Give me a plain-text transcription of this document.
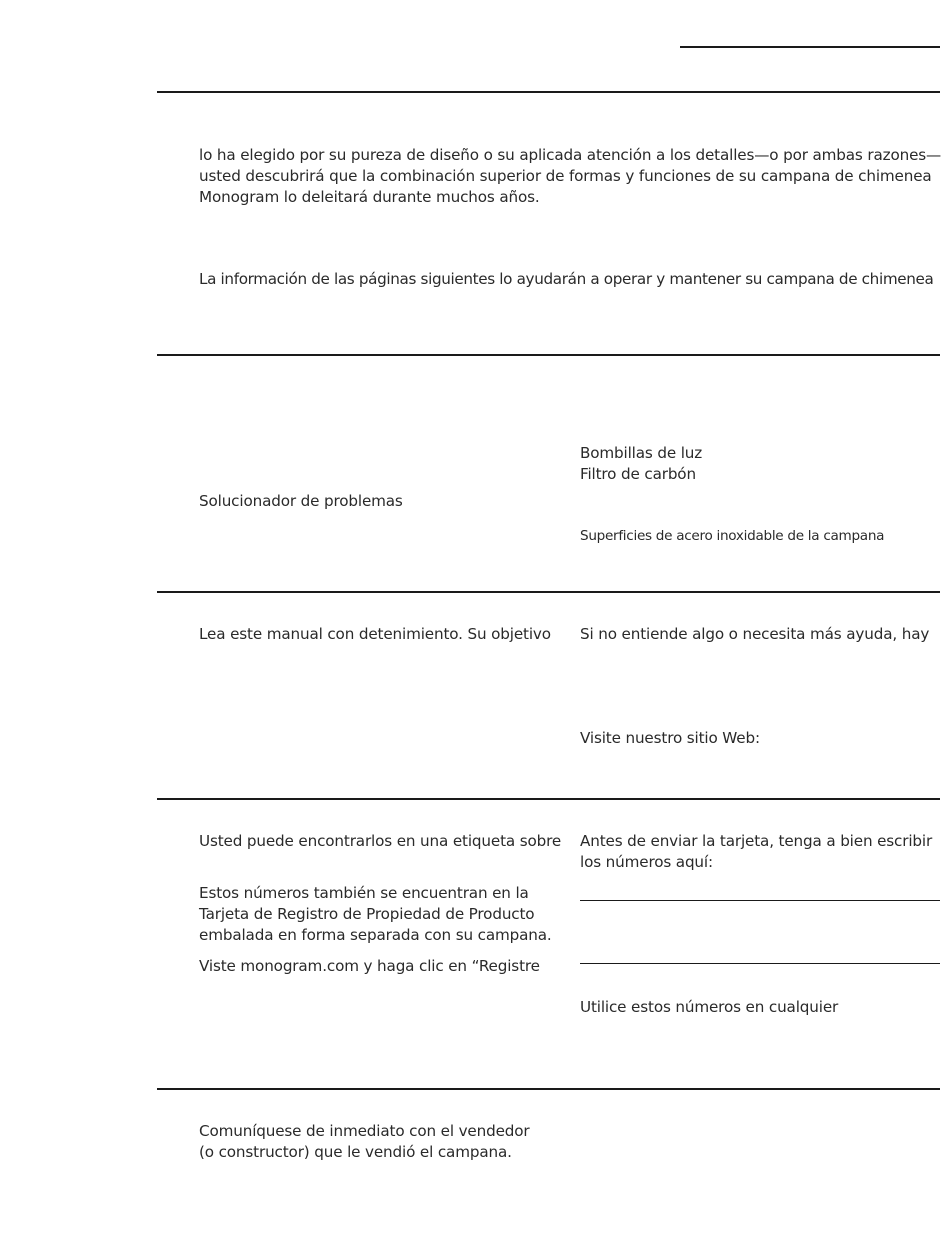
lo ha elegido por su pureza de diseño o su aplicada atención a los detalles—o por ambas razones—

usted descubrirá que la combinación superior de formas y funciones de su campana de chimenea

Monogram lo deleitará durante muchos años.

La información de las páginas siguientes lo ayudarán a operar y mantener su campana de chimenea

Bombillas de luz

Filtro de carbón

Solucionador de problemas

Superficies de acero inoxidable de la campana

Lea este manual con detenimiento. Su objetivo Si no entiende algo o necesita más ayuda, hay

Visite nuestro sitio Web:

Usted puede encontrarlos en una etiqueta sobre Antes de enviar la tarjeta, tenga a bien escribir

los números aquí:

Estos números también se encuentran en la

Tarjeta de Registro de Propiedad de Producto

embalada en forma separada con su campana.

Viste monogram.com y haga clic en “Registre

Utilice estos números en cualquier

Comuníquese de inmediato con el vendedor

(o constructor) que le vendió el campana.
